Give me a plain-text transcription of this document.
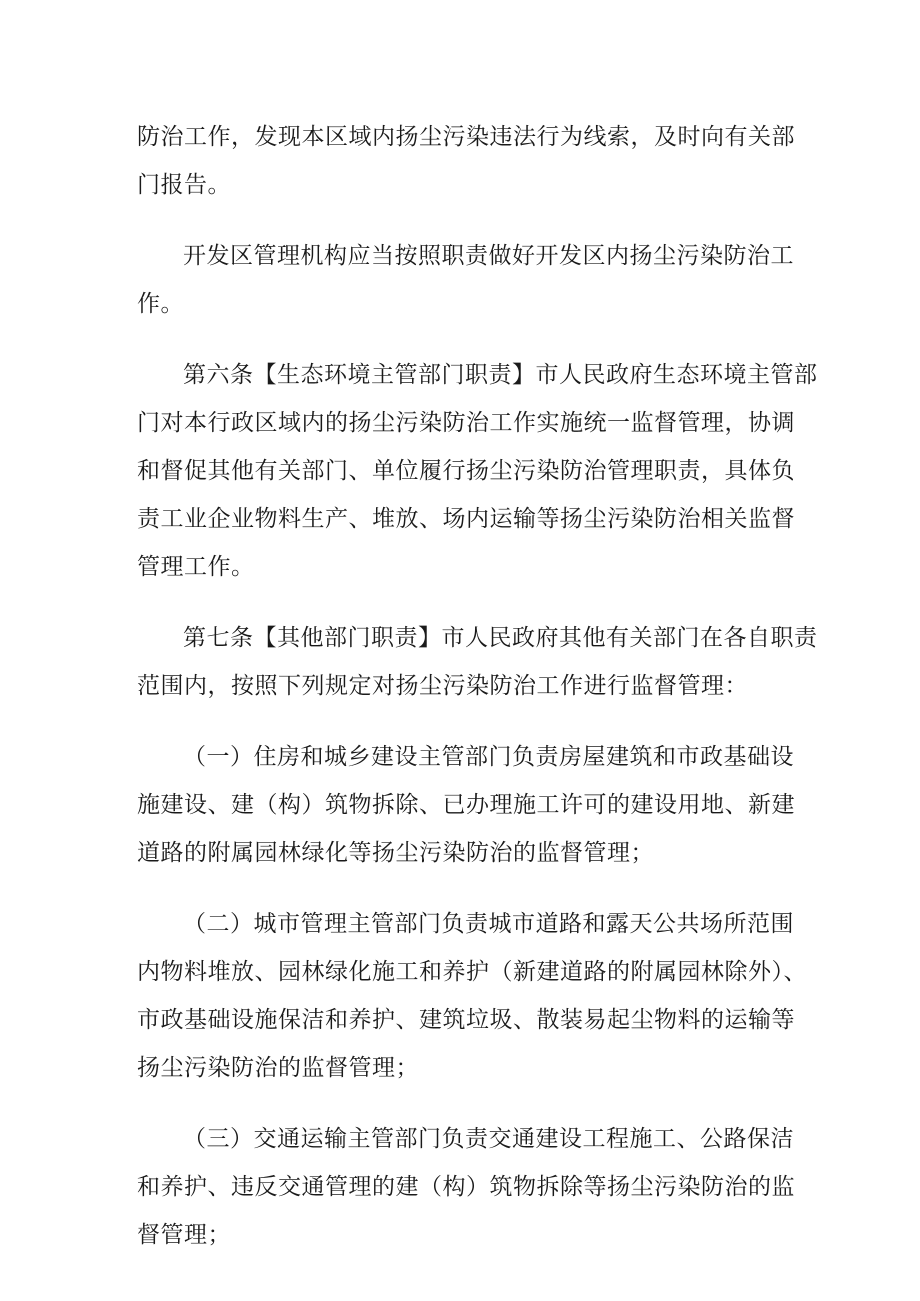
防治工作，发现本区域内扬尘污染违法行为线索，及时向有关部
门报告。

开发区管理机构应当按照职责做好开发区内扬尘污染防治工
作。

第六条【生态环境主管部门职责】市人民政府生态环境主管部
门对本行政区域内的扬尘污染防治工作实施统一监督管理，协调
和督促其他有关部门、单位履行扬尘污染防治管理职责，具体负
责工业企业物料生产、堆放、场内运输等扬尘污染防治相关监督
管理工作。

第七条【其他部门职责】市人民政府其他有关部门在各自职责
范围内，按照下列规定对扬尘污染防治工作进行监督管理：

（一）住房和城乡建设主管部门负责房屋建筑和市政基础设
施建设、建（构）筑物拆除、已办理施工许可的建设用地、新建
道路的附属园林绿化等扬尘污染防治的监督管理；

（二）城市管理主管部门负责城市道路和露天公共场所范围
内物料堆放、园林绿化施工和养护（新建道路的附属园林除外）、
市政基础设施保洁和养护、建筑垃圾、散装易起尘物料的运输等
扬尘污染防治的监督管理；

（三）交通运输主管部门负责交通建设工程施工、公路保洁
和养护、违反交通管理的建（构）筑物拆除等扬尘污染防治的监
督管理；
